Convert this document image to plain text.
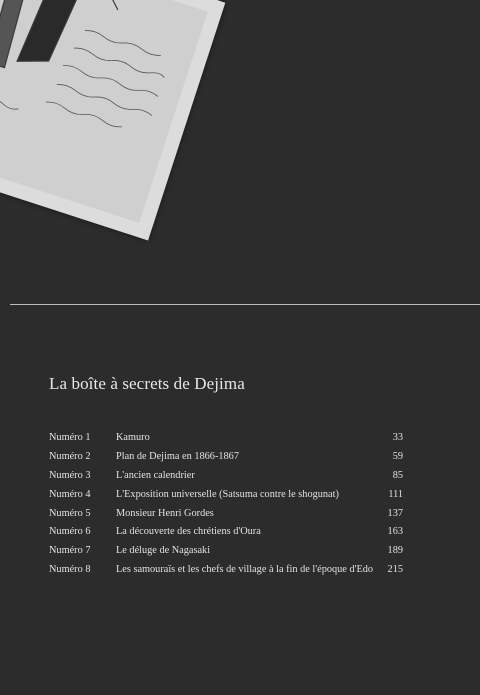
La boîte à secrets de Dejima
Numéro 1 Kamuro	33
Numéro 2 Plan de Dejima en 1866-1867	59
Numéro 3 L'ancien calendrier	85
Numéro 4 L'Exposition universelle (Satsuma contre le shogunat)	111
Numéro 5 Monsieur Henri Gordes	137
Numéro 6 La découverte des chrétiens d'Oura	163
Numéro 7 Le déluge de Nagasaki	189
Numéro 8 Les samouraïs et les chefs de village à la fin de l'époque d'Edo 215
